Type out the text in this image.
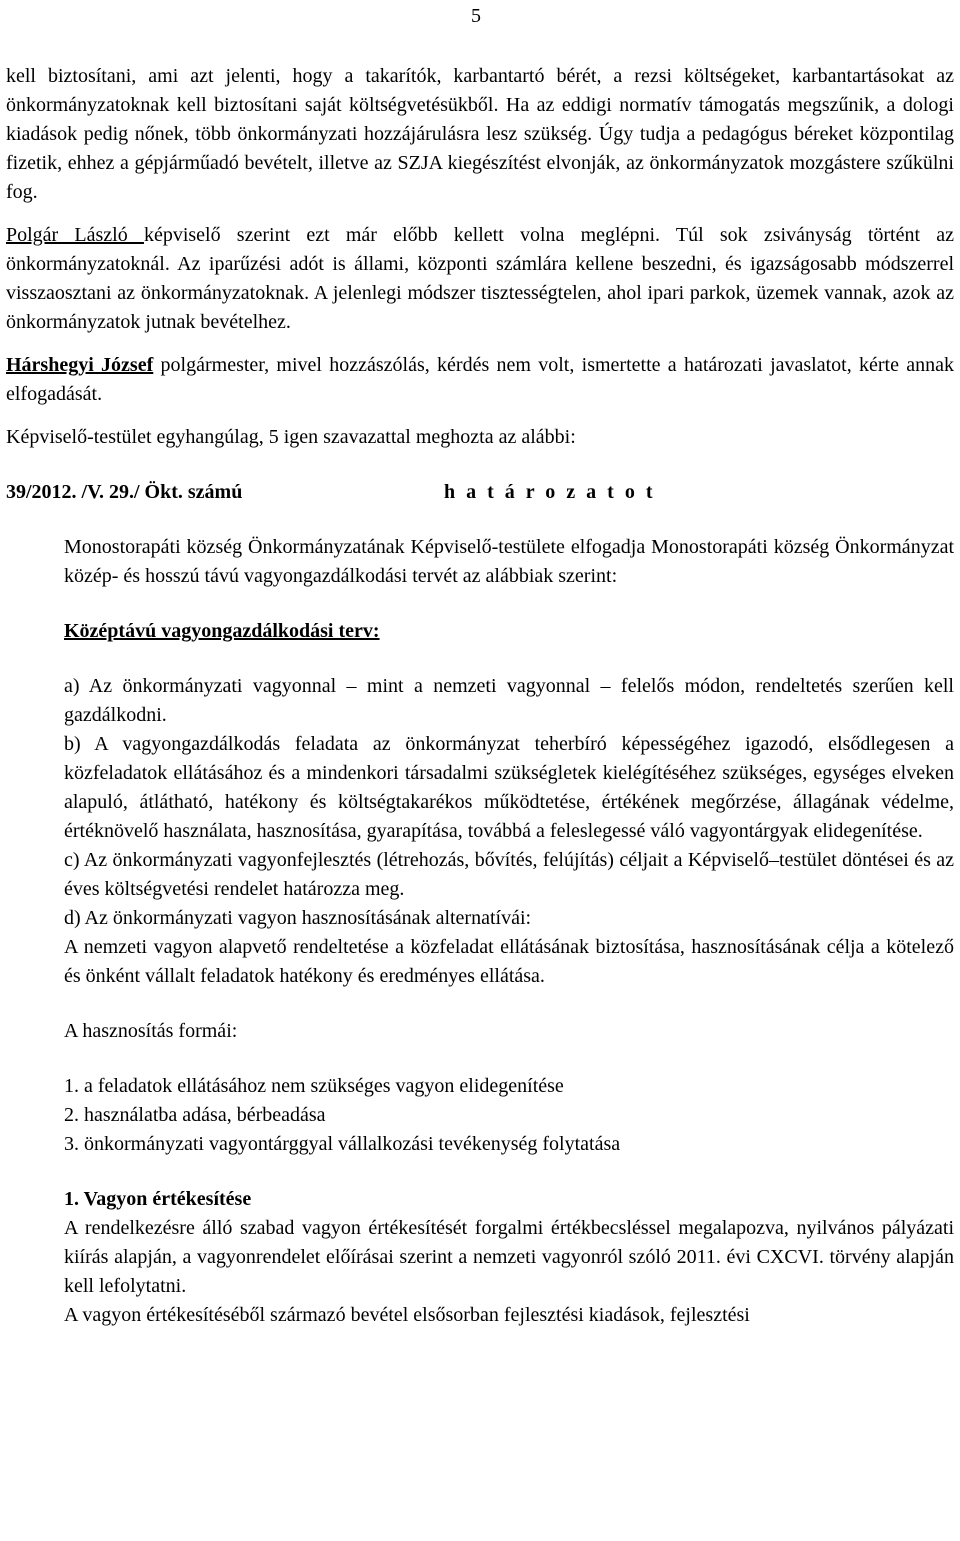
5

kell biztosítani, ami azt jelenti, hogy a takarítók, karbantartó bérét, a rezsi költségeket, karbantartásokat az önkormányzatoknak kell biztosítani saját költségvetésükből. Ha az eddigi normatív támogatás megszűnik, a dologi kiadások pedig nőnek, több önkormányzati hozzájárulásra lesz szükség. Úgy tudja a pedagógus béreket központilag fizetik, ehhez a gépjárműadó bevételt, illetve az SZJA kiegészítést elvonják, az önkormányzatok mozgástere szűkülni fog.

Polgár László képviselő szerint ezt már előbb kellett volna meglépni. Túl sok zsiványság történt az önkormányzatoknál. Az iparűzési adót is állami, központi számlára kellene beszedni, és igazságosabb módszerrel visszaosztani az önkormányzatoknak. A jelenlegi módszer tisztességtelen, ahol ipari parkok, üzemek vannak, azok az önkormányzatok jutnak bevételhez.

Hárshegyi József polgármester, mivel hozzászólás, kérdés nem volt, ismertette a határozati javaslatot, kérte annak elfogadását.

Képviselő-testület egyhangúlag, 5 igen szavazattal meghozta az alábbi:

39/2012. /V. 29./ Ökt. számú	h a t á r o z a t o t

Monostorapáti község Önkormányzatának Képviselő-testülete elfogadja Monostorapáti község Önkormányzat közép- és hosszú távú vagyongazdálkodási tervét az alábbiak szerint:

Középtávú vagyongazdálkodási terv:

a) Az önkormányzati vagyonnal – mint a nemzeti vagyonnal – felelős módon, rendeltetés szerűen kell gazdálkodni.

b) A vagyongazdálkodás feladata az önkormányzat teherbíró képességéhez igazodó, elsődlegesen a közfeladatok ellátásához és a mindenkori társadalmi szükségletek kielégítéséhez szükséges, egységes elveken alapuló, átlátható, hatékony és költségtakarékos működtetése, értékének megőrzése, állagának védelme, értéknövelő használata, hasznosítása, gyarapítása, továbbá a feleslegessé váló vagyontárgyak elidegenítése.

c) Az önkormányzati vagyonfejlesztés (létrehozás, bővítés, felújítás) céljait a Képviselő‒testület döntései és az éves költségvetési rendelet határozza meg.

d) Az önkormányzati vagyon hasznosításának alternatívái:

A nemzeti vagyon alapvető rendeltetése a közfeladat ellátásának biztosítása, hasznosításának célja a kötelező és önként vállalt feladatok hatékony és eredményes ellátása.

A hasznosítás formái:

1. a feladatok ellátásához nem szükséges vagyon elidegenítése

2. használatba adása, bérbeadása

3. önkormányzati vagyontárggyal vállalkozási tevékenység folytatása

1. Vagyon értékesítése

A rendelkezésre álló szabad vagyon értékesítését forgalmi értékbecsléssel megalapozva, nyilvános pályázati kiírás alapján, a vagyonrendelet előírásai szerint a nemzeti vagyonról szóló 2011. évi CXCVI. törvény alapján kell lefolytatni.

A vagyon értékesítéséből származó bevétel elsősorban fejlesztési kiadások, fejlesztési
